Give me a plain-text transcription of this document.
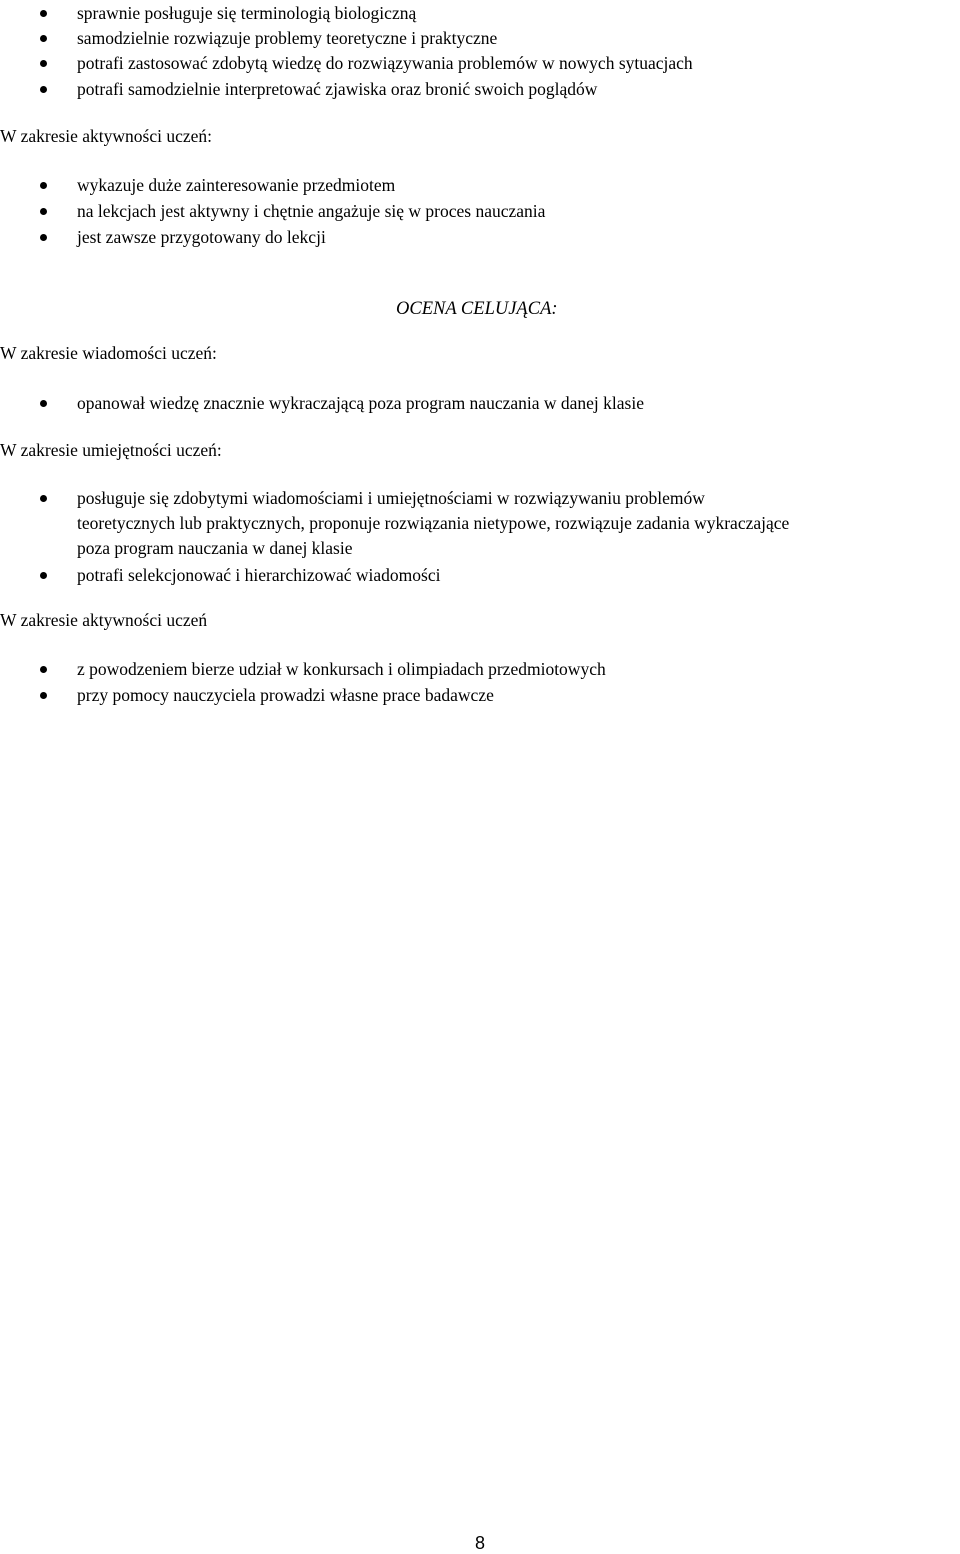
sprawnie posługuje się terminologią biologiczną
samodzielnie rozwiązuje problemy teoretyczne i praktyczne
potrafi zastosować zdobytą wiedzę do rozwiązywania problemów w nowych sytuacjach
potrafi samodzielnie interpretować zjawiska oraz bronić swoich poglądów
W zakresie aktywności uczeń:
wykazuje duże zainteresowanie przedmiotem
na lekcjach jest aktywny i chętnie angażuje się w proces nauczania
jest zawsze przygotowany do lekcji
OCENA CELUJĄCA:
W zakresie wiadomości uczeń:
opanował wiedzę znacznie wykraczającą poza program nauczania w danej klasie
W zakresie umiejętności uczeń:
posługuje się zdobytymi wiadomościami i umiejętnościami w rozwiązywaniu problemów
teoretycznych lub praktycznych, proponuje rozwiązania nietypowe, rozwiązuje zadania wykraczające
poza program nauczania w danej klasie
potrafi selekcjonować i hierarchizować wiadomości
W zakresie aktywności uczeń
z powodzeniem bierze udział w konkursach i olimpiadach przedmiotowych
przy pomocy nauczyciela prowadzi własne prace badawcze
8
